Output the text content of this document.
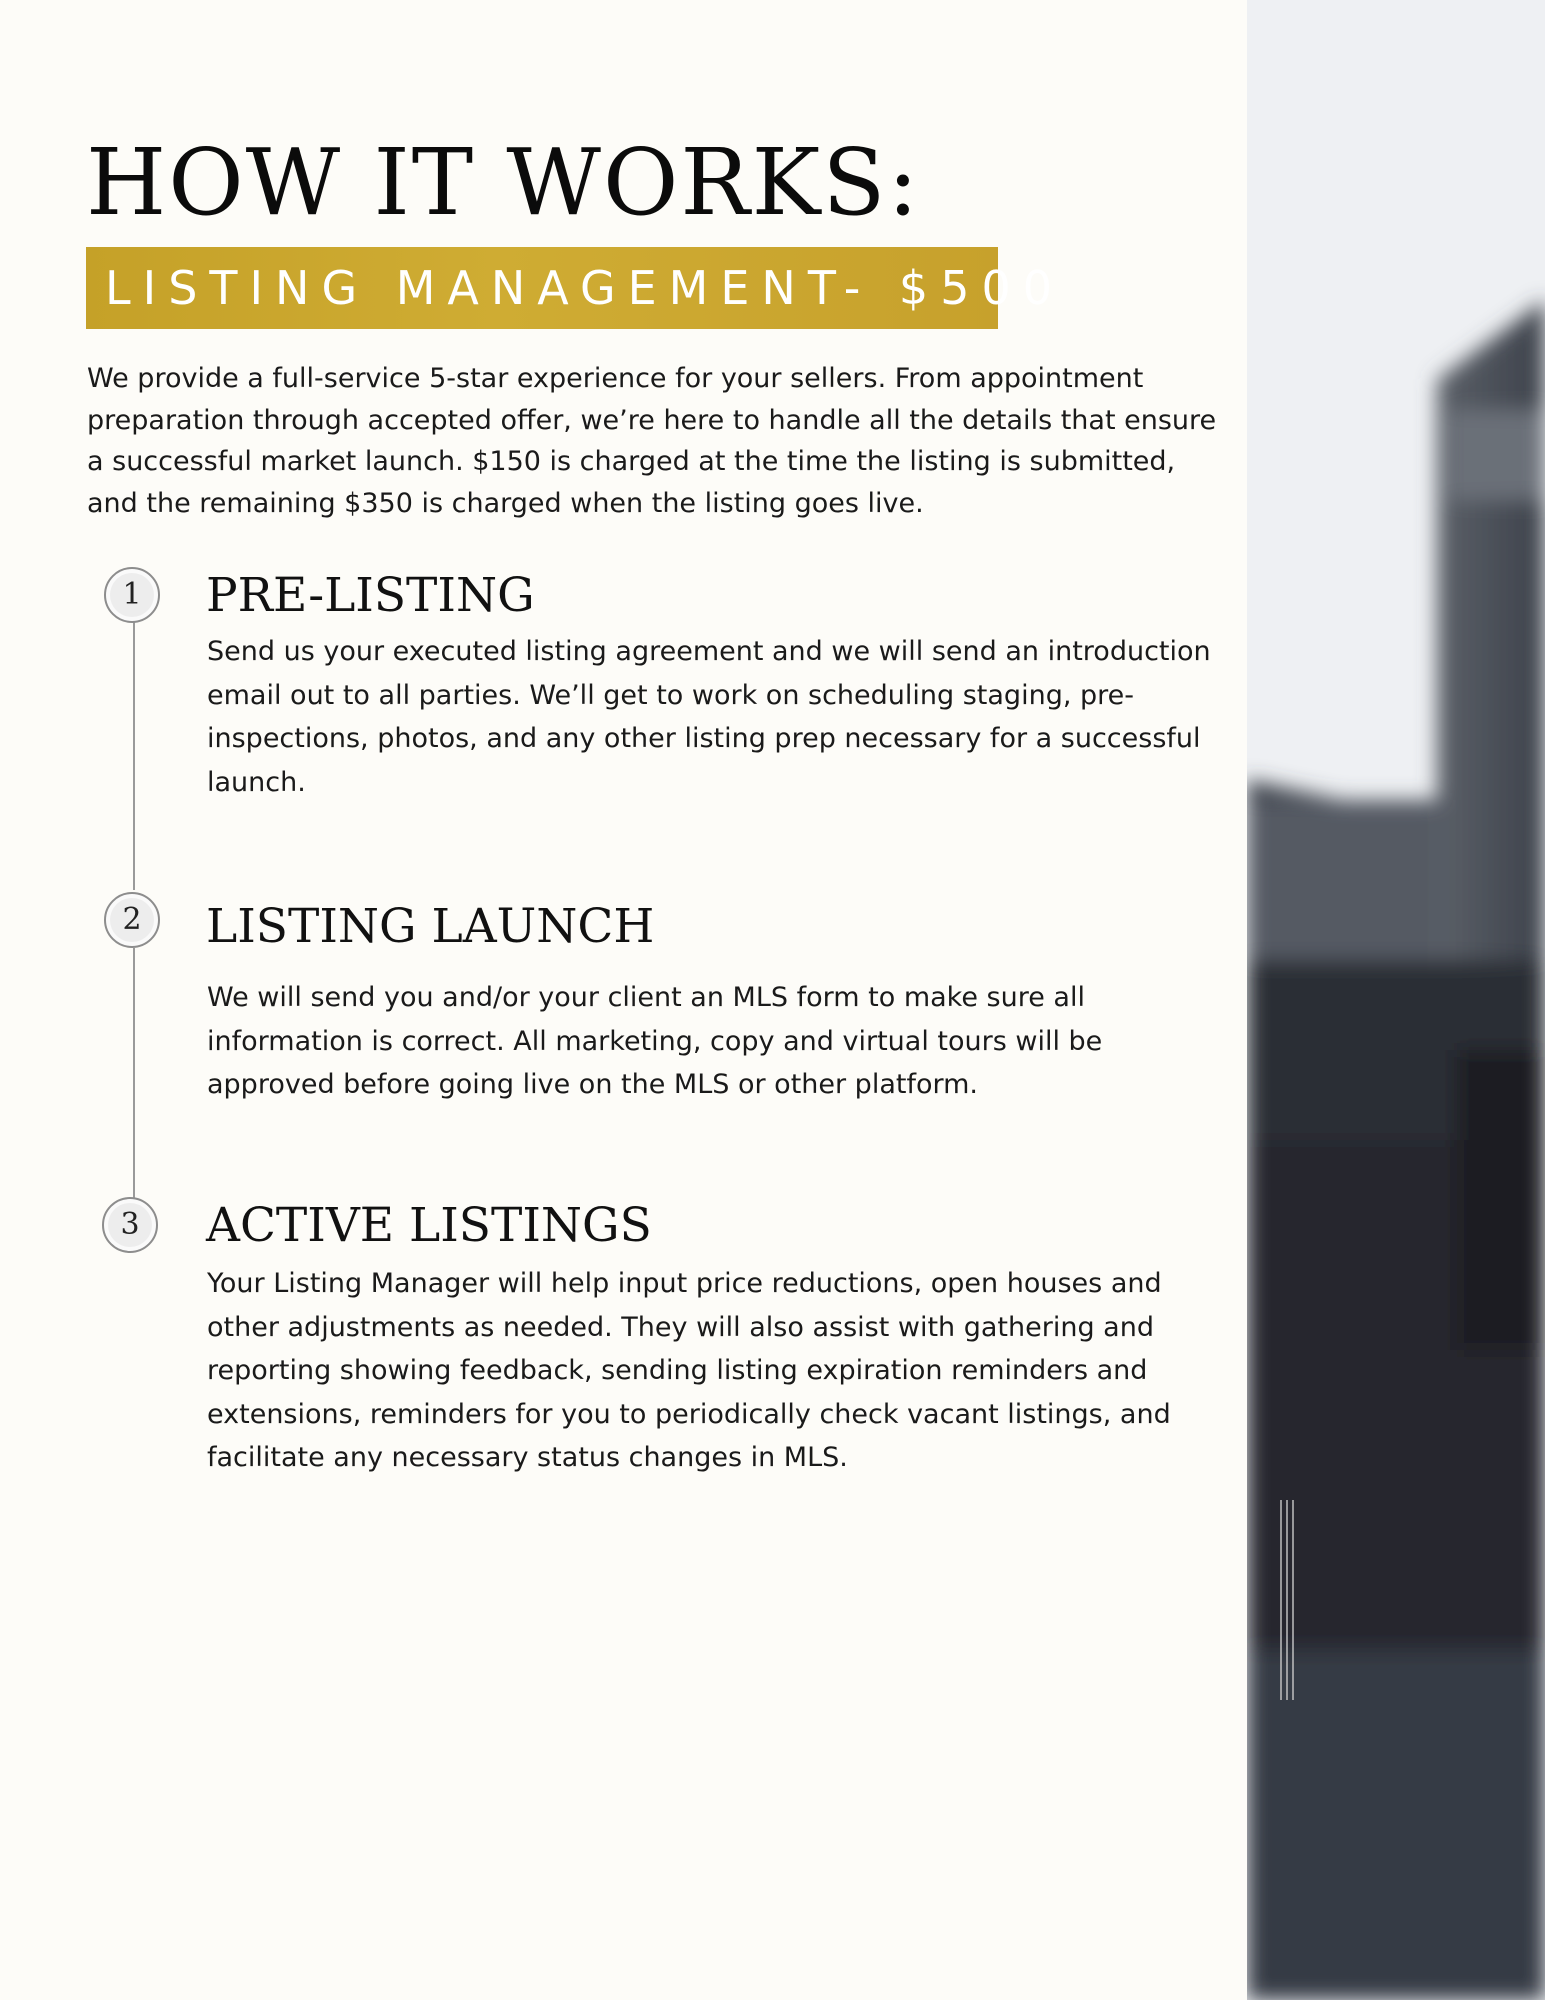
HOW IT WORKS:
LISTING MANAGEMENT- $500

We provide a full-service 5-star experience for your sellers. From appointment preparation through accepted offer, we’re here to handle all the details that ensure a successful market launch. $150 is charged at the time the listing is submitted, and the remaining $350 is charged when the listing goes live.

1	PRE-LISTING

Send us your executed listing agreement and we will send an introduction email out to all parties. We’ll get to work on scheduling staging, pre-inspections, photos, and any other listing prep necessary for a successful launch.

2	LISTING LAUNCH

We will send you and/or your client an MLS form to make sure all information is correct. All marketing, copy and virtual tours will be approved before going live on the MLS or other platform.

3	ACTIVE LISTINGS

Your Listing Manager will help input price reductions, open houses and other adjustments as needed. They will also assist with gathering and reporting showing feedback, sending listing expiration reminders and extensions, reminders for you to periodically check vacant listings, and facilitate any necessary status changes in MLS.
